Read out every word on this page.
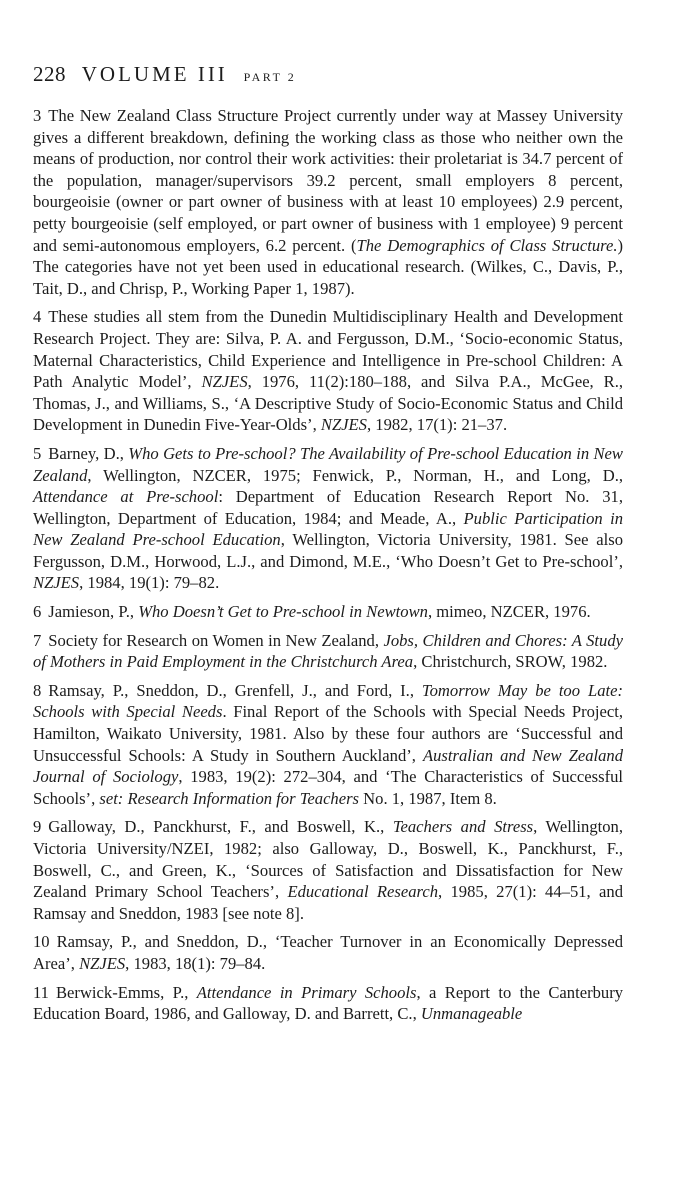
228 VOLUME III PART 2

3 The New Zealand Class Structure Project currently under way at Massey University gives a different breakdown, defining the working class as those who neither own the means of production, nor control their work activities: their proletariat is 34.7 percent of the population, manager/supervisors 39.2 percent, small employers 8 percent, bourgeoisie (owner or part owner of business with at least 10 employees) 2.9 percent, petty bourgeoisie (self employed, or part owner of business with 1 employee) 9 percent and semi-autonomous employers, 6.2 percent. (The Demographics of Class Structure.) The categories have not yet been used in educational research. (Wilkes, C., Davis, P., Tait, D., and Chrisp, P., Working Paper 1, 1987).

4 These studies all stem from the Dunedin Multidisciplinary Health and Development Research Project. They are: Silva, P. A. and Fergusson, D.M., ‘Socio-economic Status, Maternal Characteristics, Child Experience and Intelligence in Pre-school Children: A Path Analytic Model’, NZJES, 1976, 11(2):180–188, and Silva P.A., McGee, R., Thomas, J., and Williams, S., ‘A Descriptive Study of Socio-Economic Status and Child Development in Dunedin Five-Year-Olds’, NZJES, 1982, 17(1): 21–37.

5 Barney, D., Who Gets to Pre-school? The Availability of Pre-school Education in New Zealand, Wellington, NZCER, 1975; Fenwick, P., Norman, H., and Long, D., Attendance at Pre-school: Department of Education Research Report No. 31, Wellington, Department of Education, 1984; and Meade, A., Public Participation in New Zealand Pre-school Education, Wellington, Victoria University, 1981. See also Fergusson, D.M., Horwood, L.J., and Dimond, M.E., ‘Who Doesn’t Get to Pre-school’, NZJES, 1984, 19(1): 79–82.

6 Jamieson, P., Who Doesn’t Get to Pre-school in Newtown, mimeo, NZCER, 1976.

7 Society for Research on Women in New Zealand, Jobs, Children and Chores: A Study of Mothers in Paid Employment in the Christchurch Area, Christchurch, SROW, 1982.

8 Ramsay, P., Sneddon, D., Grenfell, J., and Ford, I., Tomorrow May be too Late: Schools with Special Needs. Final Report of the Schools with Special Needs Project, Hamilton, Waikato University, 1981. Also by these four authors are ‘Successful and Unsuccessful Schools: A Study in Southern Auckland’, Australian and New Zealand Journal of Sociology, 1983, 19(2): 272–304, and ‘The Characteristics of Successful Schools’, set: Research Information for Teachers No. 1, 1987, Item 8.

9 Galloway, D., Panckhurst, F., and Boswell, K., Teachers and Stress, Wellington, Victoria University/NZEI, 1982; also Galloway, D., Boswell, K., Panckhurst, F., Boswell, C., and Green, K., ‘Sources of Satisfaction and Dissatisfaction for New Zealand Primary School Teachers’, Educational Research, 1985, 27(1): 44–51, and Ramsay and Sneddon, 1983 [see note 8].

10 Ramsay, P., and Sneddon, D., ‘Teacher Turnover in an Economically Depressed Area’, NZJES, 1983, 18(1): 79–84.

11 Berwick-Emms, P., Attendance in Primary Schools, a Report to the Canterbury Education Board, 1986, and Galloway, D. and Barrett, C., Unmanageable
